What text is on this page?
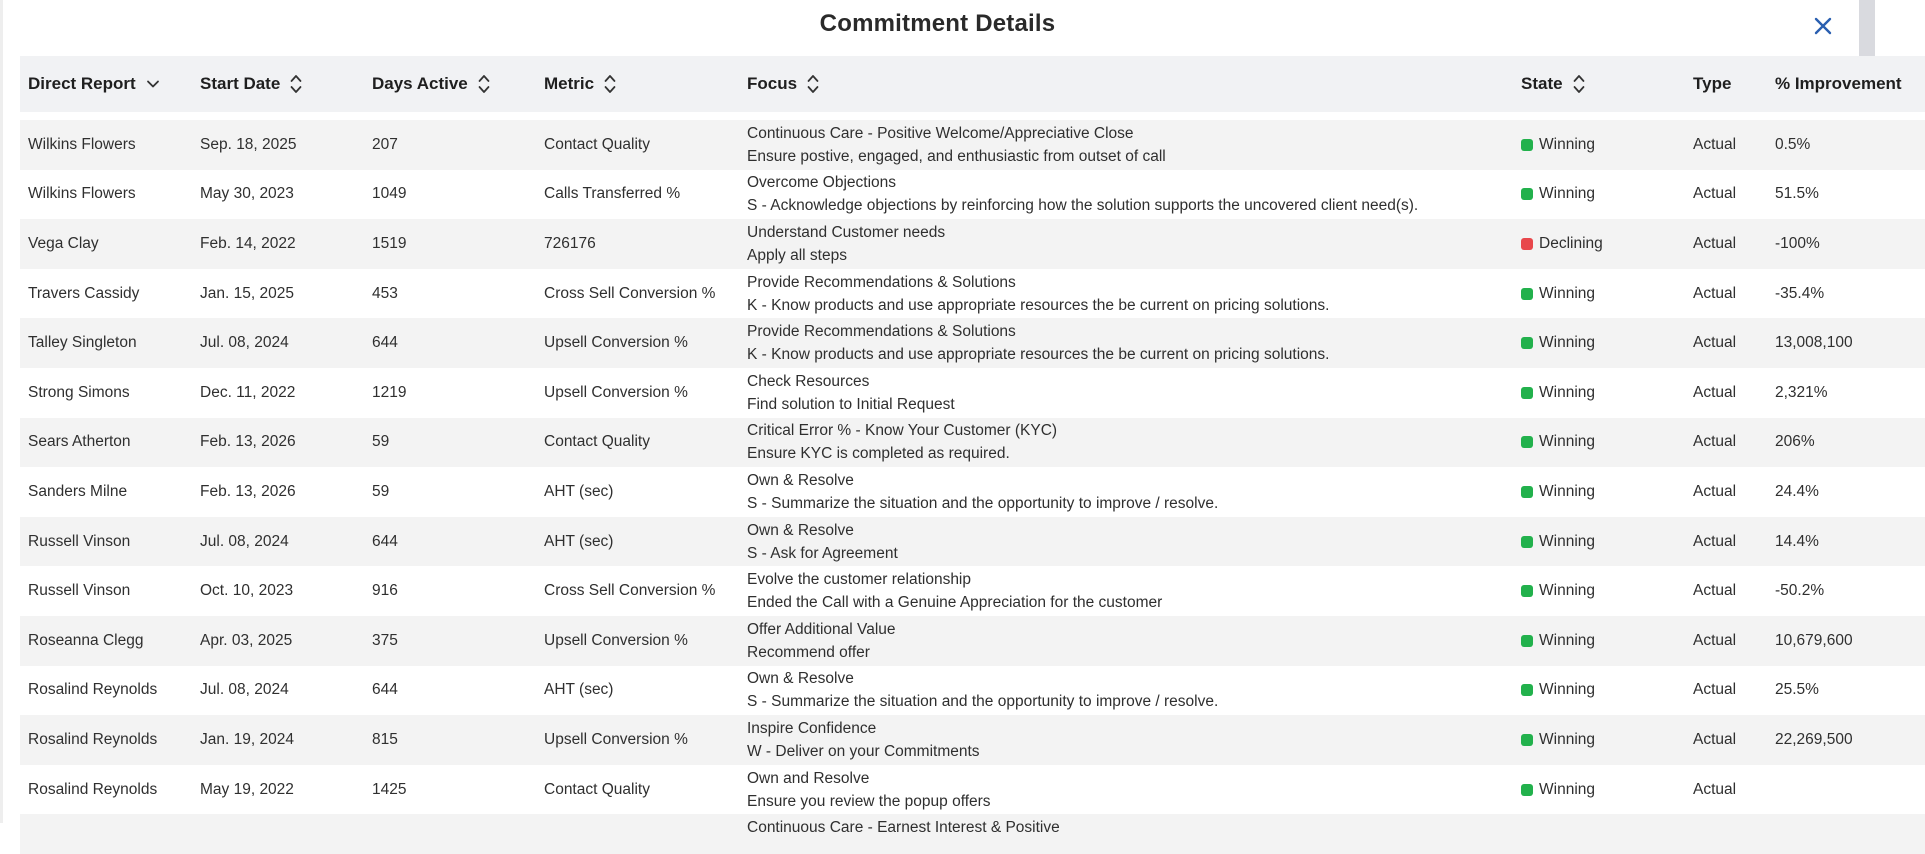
Commitment Details
Direct Report	Start Date	Days Active	Metric	Focus	State	Type	% Improvement

Wilkins Flowers	Sep. 18, 2025	207	Contact Quality	Continuous Care - Positive Welcome/Appreciative Close
Ensure postive, engaged, and enthusiastic from outset of call	Winning	Actual	0.5%
Wilkins Flowers	May 30, 2023	1049	Calls Transferred %	Overcome Objections
S - Acknowledge objections by reinforcing how the solution supports the uncovered client need(s).	Winning	Actual	51.5%
Vega Clay	Feb. 14, 2022	1519	726176	Understand Customer needs
Apply all steps	Declining	Actual	-100%
Travers Cassidy	Jan. 15, 2025	453	Cross Sell Conversion %	Provide Recommendations & Solutions
K - Know products and use appropriate resources the be current on pricing solutions.	Winning	Actual	-35.4%
Talley Singleton	Jul. 08, 2024	644	Upsell Conversion %	Provide Recommendations & Solutions
K - Know products and use appropriate resources the be current on pricing solutions.	Winning	Actual	13,008,100
Strong Simons	Dec. 11, 2022	1219	Upsell Conversion %	Check Resources
Find solution to Initial Request	Winning	Actual	2,321%
Sears Atherton	Feb. 13, 2026	59	Contact Quality	Critical Error % - Know Your Customer (KYC)
Ensure KYC is completed as required.	Winning	Actual	206%
Sanders Milne	Feb. 13, 2026	59	AHT (sec)	Own & Resolve
S - Summarize the situation and the opportunity to improve / resolve.	Winning	Actual	24.4%
Russell Vinson	Jul. 08, 2024	644	AHT (sec)	Own & Resolve
S - Ask for Agreement	Winning	Actual	14.4%
Russell Vinson	Oct. 10, 2023	916	Cross Sell Conversion %	Evolve the customer relationship
Ended the Call with a Genuine Appreciation for the customer	Winning	Actual	-50.2%
Roseanna Clegg	Apr. 03, 2025	375	Upsell Conversion %	Offer Additional Value
Recommend offer	Winning	Actual	10,679,600
Rosalind Reynolds	Jul. 08, 2024	644	AHT (sec)	Own & Resolve
S - Summarize the situation and the opportunity to improve / resolve.	Winning	Actual	25.5%
Rosalind Reynolds	Jan. 19, 2024	815	Upsell Conversion %	Inspire Confidence
W - Deliver on your Commitments	Winning	Actual	22,269,500
Rosalind Reynolds	May 19, 2022	1425	Contact Quality	Own and Resolve
Ensure you review the popup offers	Winning	Actual	

				Continuous Care - Earnest Interest & Positive			
